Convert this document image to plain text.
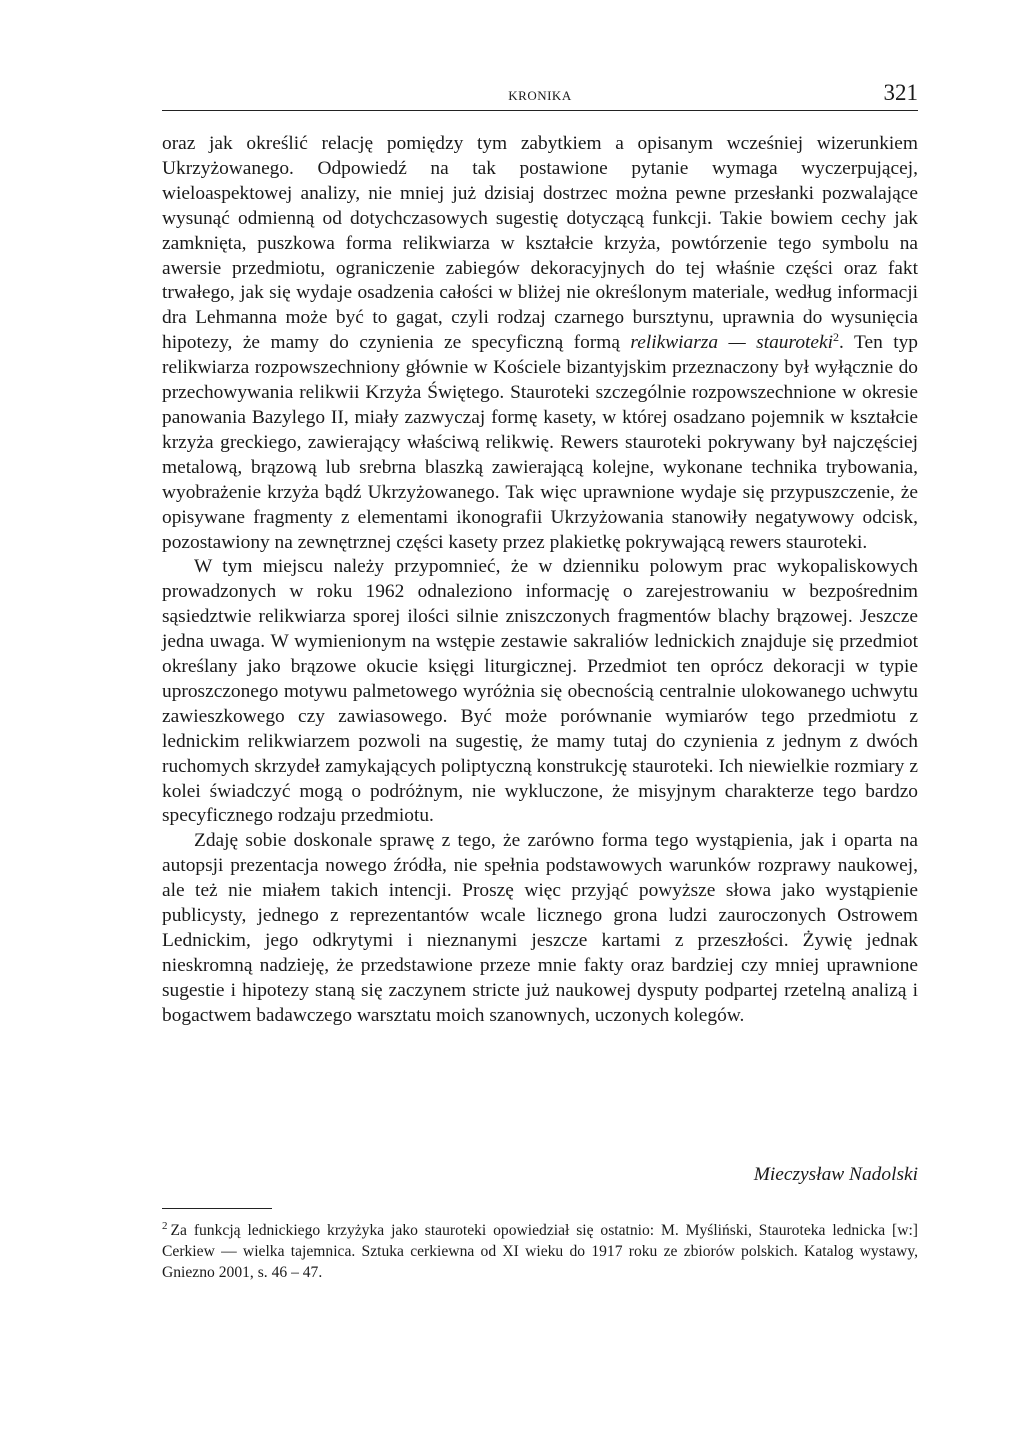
KRONIKA	321

oraz jak określić relację pomiędzy tym zabytkiem a opisanym wcześniej wizerunkiem Ukrzyżowanego. Odpowiedź na tak postawione pytanie wymaga wyczerpującej, wieloaspektowej analizy, nie mniej już dzisiaj dostrzec można pewne przesłanki pozwalające wysunąć odmienną od dotychczasowych sugestię dotyczącą funkcji. Takie bowiem cechy jak zamknięta, puszkowa forma relikwiarza w kształcie krzyża, powtórzenie tego symbolu na awersie przedmiotu, ograniczenie zabiegów dekoracyjnych do tej właśnie części oraz fakt trwałego, jak się wydaje osadzenia całości w bliżej nie określonym materiale, według informacji dra Lehmanna może być to gagat, czyli rodzaj czarnego bursztynu, uprawnia do wysunięcia hipotezy, że mamy do czynienia ze specyficzną formą relikwiarza — stauroteki$^2$. Ten typ relikwiarza rozpowszechniony głównie w Kościele bizantyjskim przeznaczony był wyłącznie do przechowywania relikwii Krzyża Świętego. Stauroteki szczególnie rozpowszechnione w okresie panowania Bazylego II, miały zazwyczaj formę kasety, w której osadzano pojemnik w kształcie krzyża greckiego, zawierający właściwą relikwię. Rewers stauroteki pokrywany był najczęściej metalową, brązową lub srebrna blaszką zawierającą kolejne, wykonane technika trybowania, wyobrażenie krzyża bądź Ukrzyżowanego. Tak więc uprawnione wydaje się przypuszczenie, że opisywane fragmenty z elementami ikonografii Ukrzyżowania stanowiły negatywowy odcisk, pozostawiony na zewnętrznej części kasety przez plakietkę pokrywającą rewers stauroteki.

W tym miejscu należy przypomnieć, że w dzienniku polowym prac wykopaliskowych prowadzonych w roku 1962 odnaleziono informację o zarejestrowaniu w bezpośrednim sąsiedztwie relikwiarza sporej ilości silnie zniszczonych fragmentów blachy brązowej. Jeszcze jedna uwaga. W wymienionym na wstępie zestawie sakraliów lednickich znajduje się przedmiot określany jako brązowe okucie księgi liturgicznej. Przedmiot ten oprócz dekoracji w typie uproszczonego motywu palmetowego wyróżnia się obecnością centralnie ulokowanego uchwytu zawieszkowego czy zawiasowego. Być może porównanie wymiarów tego przedmiotu z lednickim relikwiarzem pozwoli na sugestię, że mamy tutaj do czynienia z jednym z dwóch ruchomych skrzydeł zamykających poliptyczną konstrukcję stauroteki. Ich niewielkie rozmiary z kolei świadczyć mogą o podróżnym, nie wykluczone, że misyjnym charakterze tego bardzo specyficznego rodzaju przedmiotu.

Zdaję sobie doskonale sprawę z tego, że zarówno forma tego wystąpienia, jak i oparta na autopsji prezentacja nowego źródła, nie spełnia podstawowych warunków rozprawy naukowej, ale też nie miałem takich intencji. Proszę więc przyjąć powyższe słowa jako wystąpienie publicysty, jednego z reprezentantów wcale licznego grona ludzi zauroczonych Ostrowem Lednickim, jego odkrytymi i nieznanymi jeszcze kartami z przeszłości. Żywię jednak nieskromną nadzieję, że przedstawione przeze mnie fakty oraz bardziej czy mniej uprawnione sugestie i hipotezy staną się zaczynem stricte już naukowej dysputy podpartej rzetelną analizą i bogactwem badawczego warsztatu moich szanownych, uczonych kolegów.

Mieczysław Nadolski

$^2$ Za funkcją lednickiego krzyżyka jako stauroteki opowiedział się ostatnio: M. Myśliński, Stauroteka lednicka [w:] Cerkiew — wielka tajemnica. Sztuka cerkiewna od XI wieku do 1917 roku ze zbiorów polskich. Katalog wystawy, Gniezno 2001, s. 46 – 47.
